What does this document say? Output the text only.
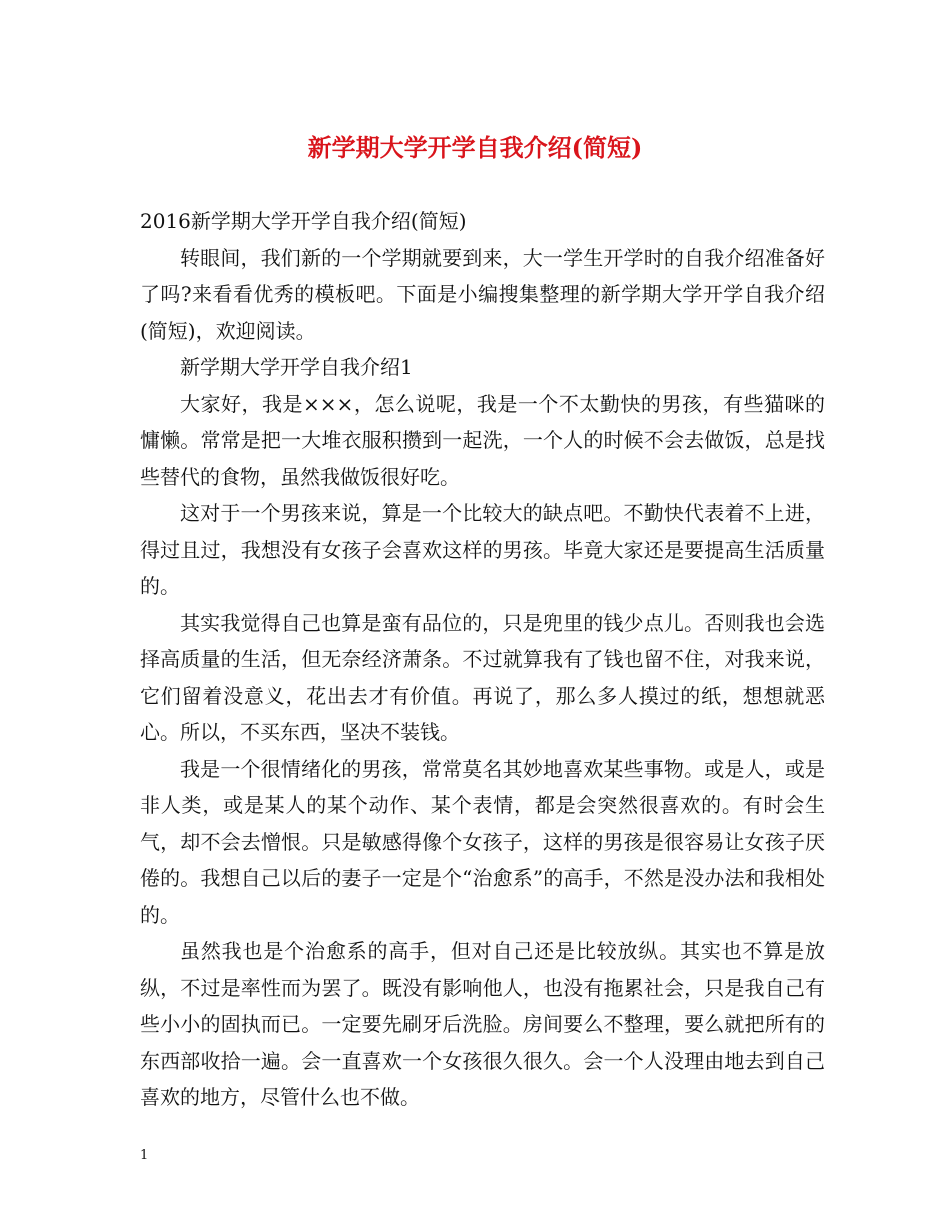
新学期大学开学自我介绍(简短)

2016新学期大学开学自我介绍(简短)

转眼间，我们新的一个学期就要到来，大一学生开学时的自我介绍准备好了吗?来看看优秀的模板吧。下面是小编搜集整理的新学期大学开学自我介绍(简短)，欢迎阅读。

新学期大学开学自我介绍1

大家好，我是×××，怎么说呢，我是一个不太勤快的男孩，有些猫咪的慵懒。常常是把一大堆衣服积攒到一起洗，一个人的时候不会去做饭，总是找些替代的食物，虽然我做饭很好吃。

这对于一个男孩来说，算是一个比较大的缺点吧。不勤快代表着不上进，得过且过，我想没有女孩子会喜欢这样的男孩。毕竟大家还是要提高生活质量的。

其实我觉得自己也算是蛮有品位的，只是兜里的钱少点儿。否则我也会选择高质量的生活，但无奈经济萧条。不过就算我有了钱也留不住，对我来说，它们留着没意义，花出去才有价值。再说了，那么多人摸过的纸，想想就恶心。所以，不买东西，坚决不装钱。

我是一个很情绪化的男孩，常常莫名其妙地喜欢某些事物。或是人，或是非人类，或是某人的某个动作、某个表情，都是会突然很喜欢的。有时会生气，却不会去憎恨。只是敏感得像个女孩子，这样的男孩是很容易让女孩子厌倦的。我想自己以后的妻子一定是个“治愈系”的高手，不然是没办法和我相处的。

虽然我也是个治愈系的高手，但对自己还是比较放纵。其实也不算是放纵，不过是率性而为罢了。既没有影响他人，也没有拖累社会，只是我自己有些小小的固执而已。一定要先刷牙后洗脸。房间要么不整理，要么就把所有的东西部收拾一遍。会一直喜欢一个女孩很久很久。会一个人没理由地去到自己喜欢的地方，尽管什么也不做。

1
